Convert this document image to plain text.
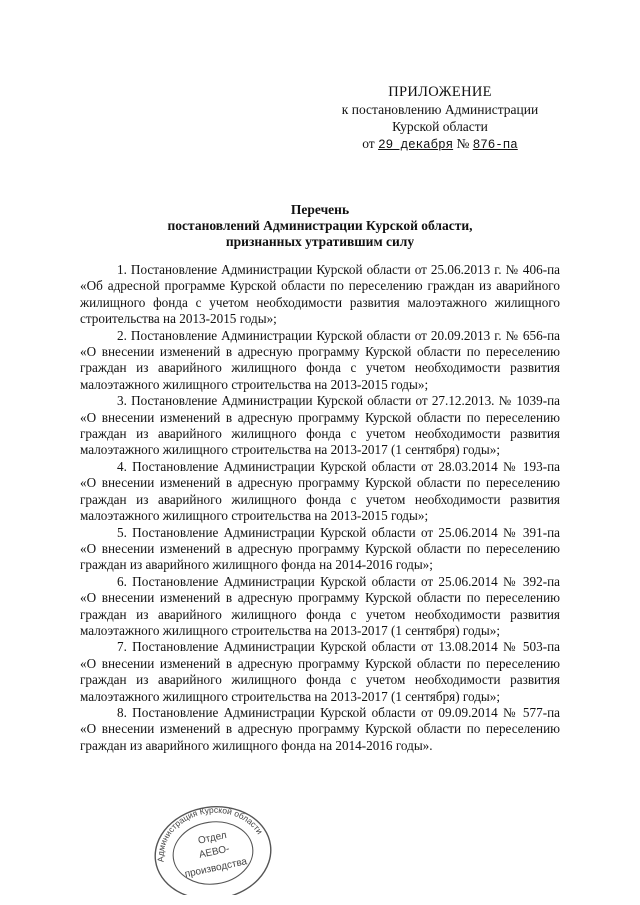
ПРИЛОЖЕНИЕ
к постановлению Администрации
Курской области
от 29 декабря № 876-па
Перечень
постановлений Администрации Курской области,
признанных утратившим силу

1. Постановление Администрации Курской области от 25.06.2013 г. № 406-па «Об адресной программе Курской области по переселению граждан из аварийного жилищного фонда с учетом необходимости развития малоэтажного жилищного строительства на 2013-2015 годы»;

2. Постановление Администрации Курской области от 20.09.2013 г. № 656-па «О внесении изменений в адресную программу Курской области по переселению граждан из аварийного жилищного фонда с учетом необходимости развития малоэтажного жилищного строительства на 2013-2015 годы»;

3. Постановление Администрации Курской области от 27.12.2013. № 1039-па «О внесении изменений в адресную программу Курской области по переселению граждан из аварийного жилищного фонда с учетом необходимости развития малоэтажного жилищного строительства на 2013-2017 (1 сентября) годы»;

4. Постановление Администрации Курской области от 28.03.2014 № 193-па «О внесении изменений в адресную программу Курской области по переселению граждан из аварийного жилищного фонда с учетом необходимости развития малоэтажного жилищного строительства на 2013-2015 годы»;

5. Постановление Администрации Курской области от 25.06.2014 № 391-па «О внесении изменений в адресную программу Курской области по переселению граждан из аварийного жилищного фонда на 2014-2016 годы»;

6. Постановление Администрации Курской области от 25.06.2014 № 392-па «О внесении изменений в адресную программу Курской области по переселению граждан из аварийного жилищного фонда с учетом необходимости развития малоэтажного жилищного строительства на 2013-2017 (1 сентября) годы»;

7. Постановление Администрации Курской области от 13.08.2014 № 503-па «О внесении изменений в адресную программу Курской области по переселению граждан из аварийного жилищного фонда с учетом необходимости развития малоэтажного жилищного строительства на 2013-2017 (1 сентября) годы»;

8. Постановление Администрации Курской области от 09.09.2014 № 577-па «О внесении изменений в адресную программу Курской области по переселению граждан из аварийного жилищного фонда на 2014-2016 годы».

Администрация Курской области
Отдел
АЕВО-
производства
